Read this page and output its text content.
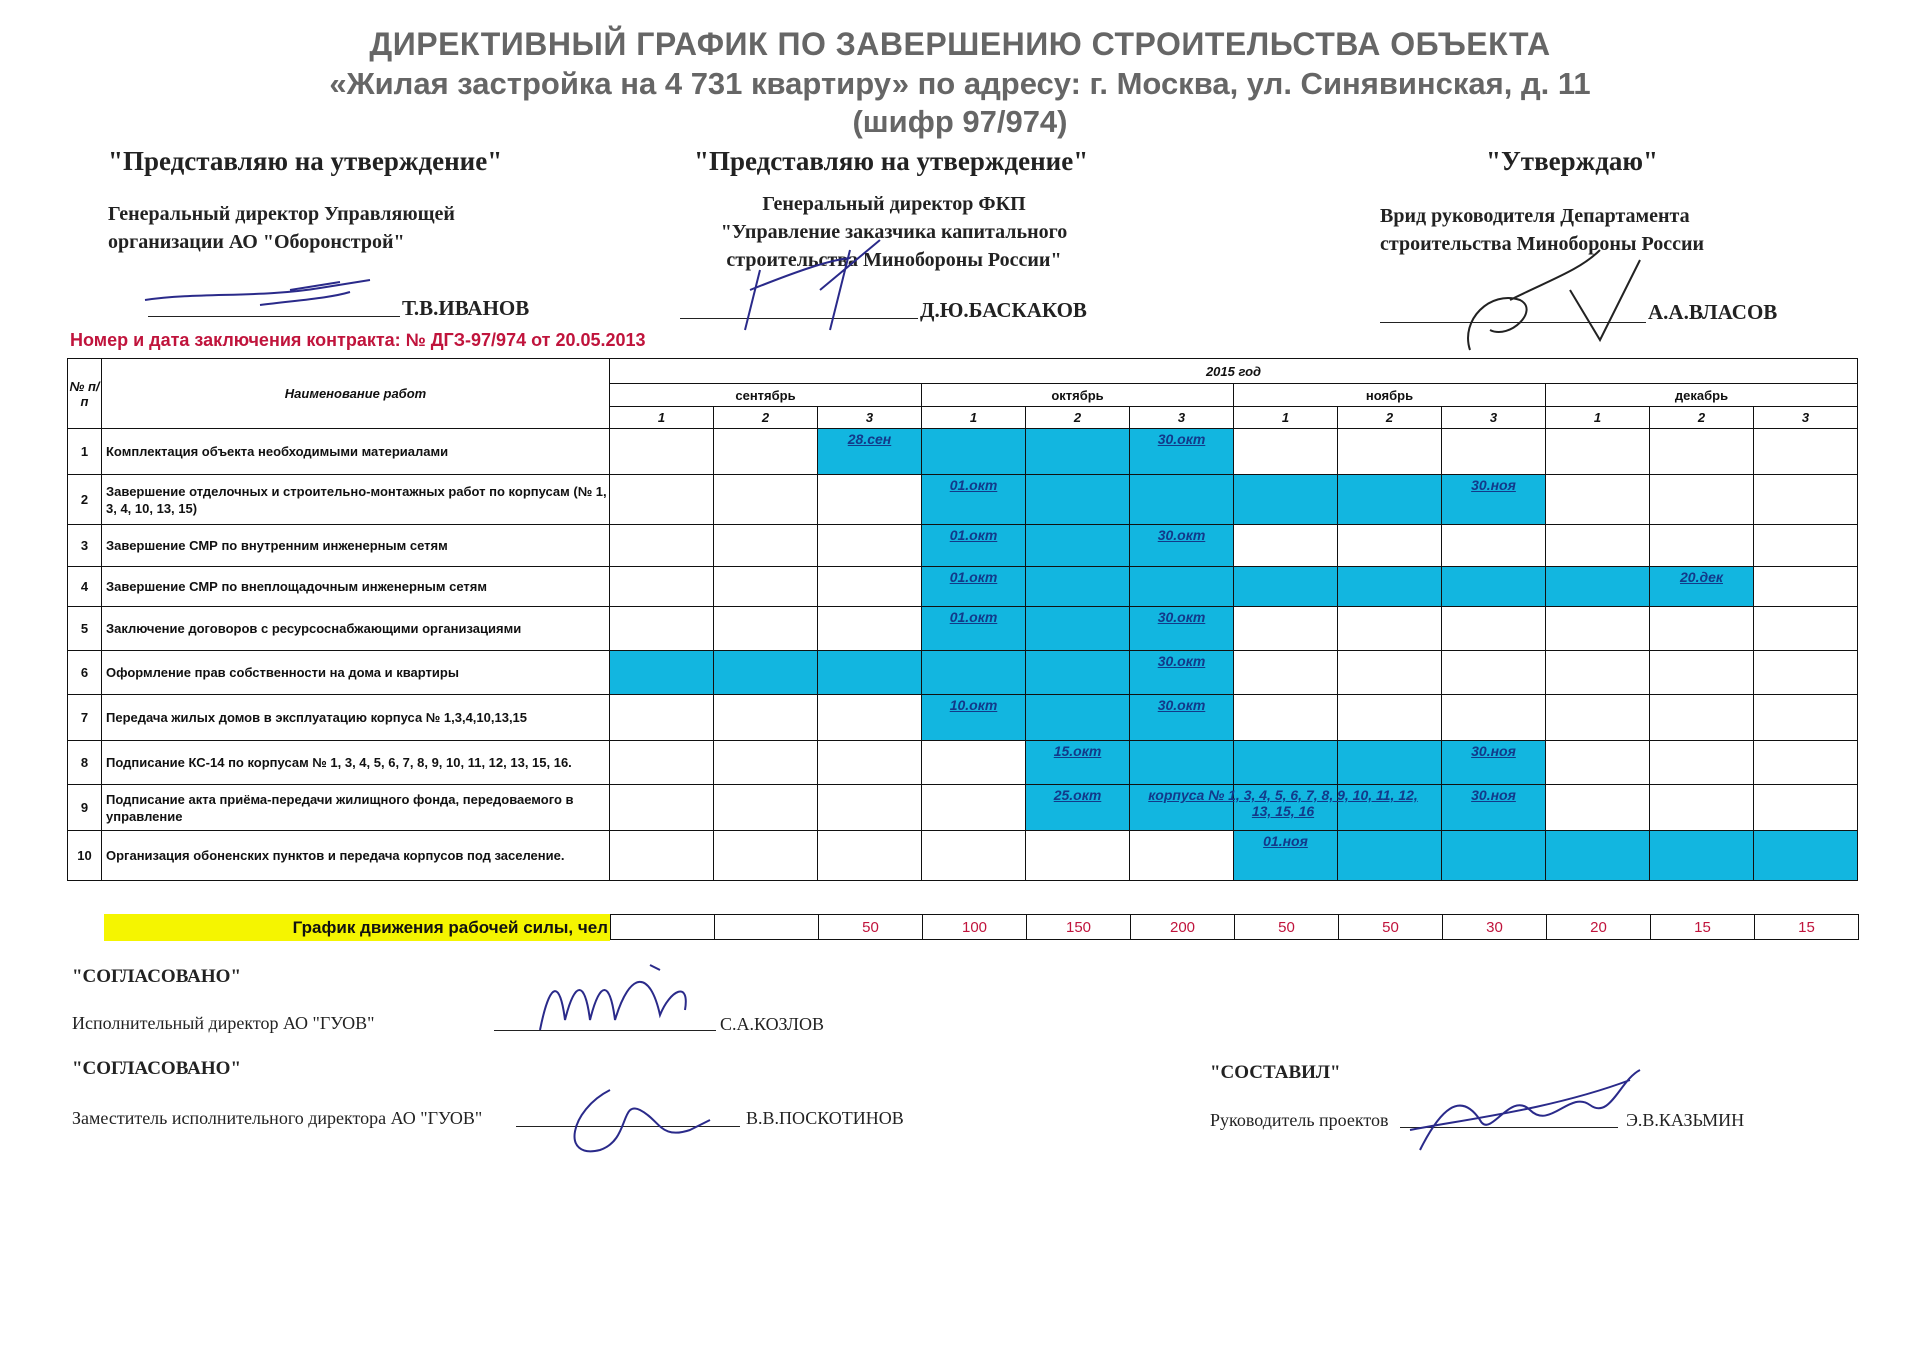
ДИРЕКТИВНЫЙ ГРАФИК ПО ЗАВЕРШЕНИЮ СТРОИТЕЛЬСТВА ОБЪЕКТА
«Жилая застройка на 4 731 квартиру» по адресу: г. Москва, ул. Синявинская, д. 11
(шифр 97/974)
"Представляю на утверждение"
Генеральный директор Управляющей
организации АО "Оборонстрой"
Т.В.ИВАНОВ
"Представляю на утверждение"
Генеральный директор ФКП
"Управление заказчика капитального
строительства Минобороны России"
Д.Ю.БАСКАКОВ
"Утверждаю"
Врид руководителя Департамента
строительства Минобороны России
А.А.ВЛАСОВ
Номер и дата заключения контракта: № ДГЗ-97/974 от 20.05.2013
№ п/п	Наименование работ	2015 год											
		сентябрь			октябрь			ноябрь			декабрь		
		1	2	3	1	2	3	1	2	3	1	2	3
1	Комплектация объекта необходимыми материалами			28.сен			30.окт						

2	Завершение отделочных и строительно-монтажных работ по корпусам (№ 1, 3, 4, 10, 13, 15)				01.окт					30.ноя			

3	Завершение СМР по внутренним инженерным сетям				01.окт		30.окт						

4	Завершение СМР по внеплощадочным инженерным сетям				01.окт							20.дек	

5	Заключение договоров с ресурсоснабжающими организациями				01.окт		30.окт						

6	Оформление прав собственности на дома и квартиры						30.окт						

7	Передача жилых домов в эксплуатацию корпуса № 1,3,4,10,13,15				10.окт		30.окт						

8	Подписание КС-14 по корпусам № 1, 3, 4, 5, 6, 7, 8, 9, 10, 11, 12, 13, 15, 16.					15.окт				30.ноя			

9	Подписание акта приёма-передачи жилищного фонда, передоваемого в управление					25.окт	корпуса № 1, 3, 4, 5, 6, 7, 8, 9, 10, 11, 12, 13, 15, 16			30.ноя			

10	Организация обоненских пунктов и передача корпусов под заселение.							01.ноя					

График движения рабочей силы, чел
			50	100	150	200	50	50	30	20	15	15
"СОГЛАСОВАНО"
Исполнительный директор АО "ГУОВ"	С.А.КОЗЛОВ
"СОГЛАСОВАНО"
Заместитель исполнительного директора АО "ГУОВ"	В.В.ПОСКОТИНОВ
"СОСТАВИЛ"
Руководитель проектов	Э.В.КАЗЬМИН
